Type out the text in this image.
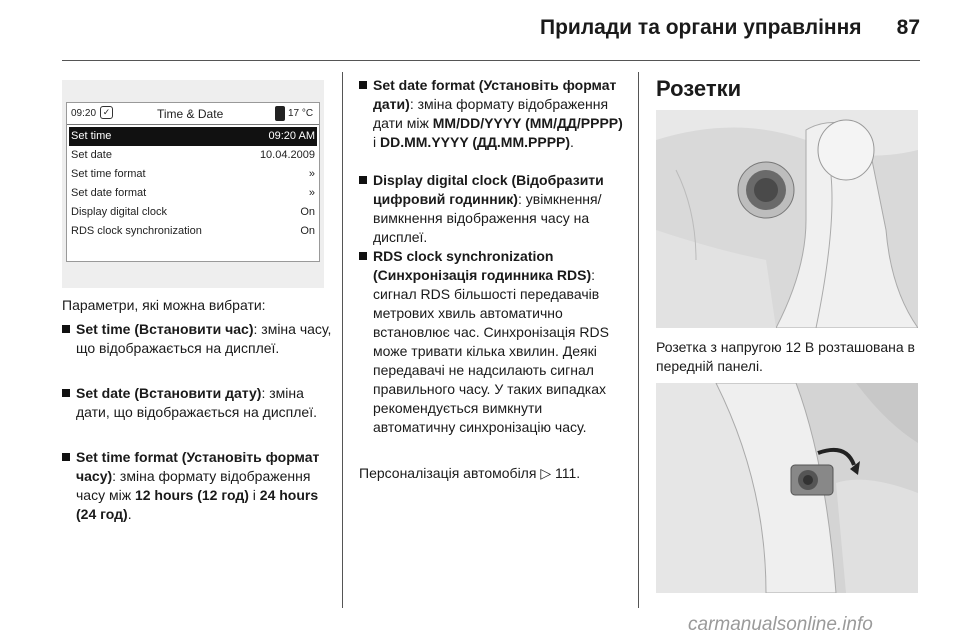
Прилади та органи управління 87
09:20 ✓	Time & Date	17 °C
Set time	09:20 AM
Set date	10.04.2009
Set time format	»
Set date format	»
Display digital clock	On
RDS clock synchronization	On
Параметри, які можна вибрати:
Set time (Встановити час): зміна часу, що відображається на дисплеї.
Set date (Встановити дату): зміна дати, що відображається на дисплеї.
Set time format (Установіть формат часу): зміна формату відображення часу між 12 hours (12 год) і 24 hours (24 год).
Set date format (Установіть формат дати): зміна формату відображення дати між MM/DD/YYYY (ММ/ДД/РРРР) і DD.MM.YYYY (ДД.ММ.РРРР).
Display digital clock (Відобразити цифровий годинник): увімкнення/вимкнення відображення часу на дисплеї.
RDS clock synchronization (Синхронізація годинника RDS): сигнал RDS більшості передавачів метрових хвиль автоматично встановлює час. Синхронізація RDS може тривати кілька хвилин. Деякі передавачі не надсилають сигнал правильного часу. У таких випадках рекомендується вимкнути автоматичну синхронізацію часу.
Персоналізація автомобіля ▷ 111.
Розетки
Розетка з напругою 12 В розташована в передній панелі.
carmanualsonline.info
